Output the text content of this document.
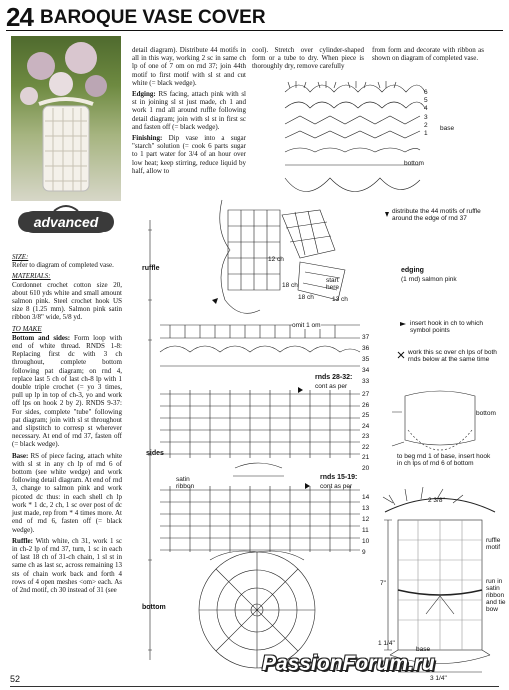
24 BAROQUE VASE COVER
advanced

SIZE:
Refer to diagram of completed vase.

MATERIALS:
Cordonnet crochet cotton size 20, about 610 yds white and small amount salmon pink. Steel crochet hook US size 8 (1.25 mm). Salmon pink satin ribbon 3/8" wide, 5/8 yd.

TO MAKE

Bottom and sides: Form loop with end of white thread. RNDS 1-8: Replacing first dc with 3 ch throughout, complete bottom following pat diagram; on rnd 4, replace last 5 ch of last ch-8 lp with 1 double triple crochet (= yo 3 times, pull up lp in top of ch-3, yo and work off lps on hook 2 by 2). RNDS 9-37: For sides, complete "tube" following pat diagram; join with sl st throughout and slipstitch to corresp st wherever necessary. At end of rnd 37, fasten off (= black wedge).

Base: RS of piece facing, attach white with sl st in any ch lp of rnd 6 of bottom (see white wedge) and work following detail diagram. At end of rnd 3, change to salmon pink and work picoted dc thus: in each shell ch lp work * 1 dc, 2 ch, 1 sc over post of dc just made, rep from * 4 times more. At end of rnd 6, fasten off (= black wedge).

Ruffle: With white, ch 31, work 1 sc in ch-2 lp of rnd 37, turn, 1 sc in each of last 18 ch of 31-ch chain, 1 sl st in same ch as last sc, across remaining 13 sts of chain work back and forth 4 rows of 4 open meshes <om> each. As of 2nd motif, ch 30 instead of 31 (see

detail diagram). Distribute 44 motifs in all in this way, working 2 sc in same ch lp of one of 7 om on rnd 37; join 44th motif to first motif with sl st and cut white (= black wedge).

Edging: RS facing, attach pink with sl st in joining sl st just made, ch 1 and work 1 rnd all around ruffle following detail diagram; join with sl st in first sc and fasten off (= black wedge).

Finishing: Dip vase into a sugar "starch" solution (= cook 6 parts sugar to 1 part water for 3/4 of an hour over low heat; keep stirring, reduce liquid by half, allow to

cool). Stretch over cylinder-shaped form or a tube to dry. When piece is thoroughly dry, remove carefully
from form and decorate with ribbon as shown on diagram of completed vase.
6
5
4
3
2
1
base
bottom
distribute the 44 motifs of ruffle around the edge of rnd 37
ruffle	edging
(1 rnd) salmon pink
12 ch
18 ch
18 ch	13 ch
start here
omit 1 om	insert hook in ch to which symbol points
work this sc over ch lps of both rnds below at the same time
37
36
35
34
33
rnds 28-32:
cont as per
27
26
25
24
23
22
21
20
sides
satin ribbon
rnds 15-19:
cont as per
14
13
12
11
10
9
bottom
bottom
to beg rnd 1 of base, insert hook in ch lps of rnd 6 of bottom
2 3/8"
ruffle motif
7"	run in satin ribbon and tie bow
1 1/4"
3 1/4"
base
52
PassionForum.ru
